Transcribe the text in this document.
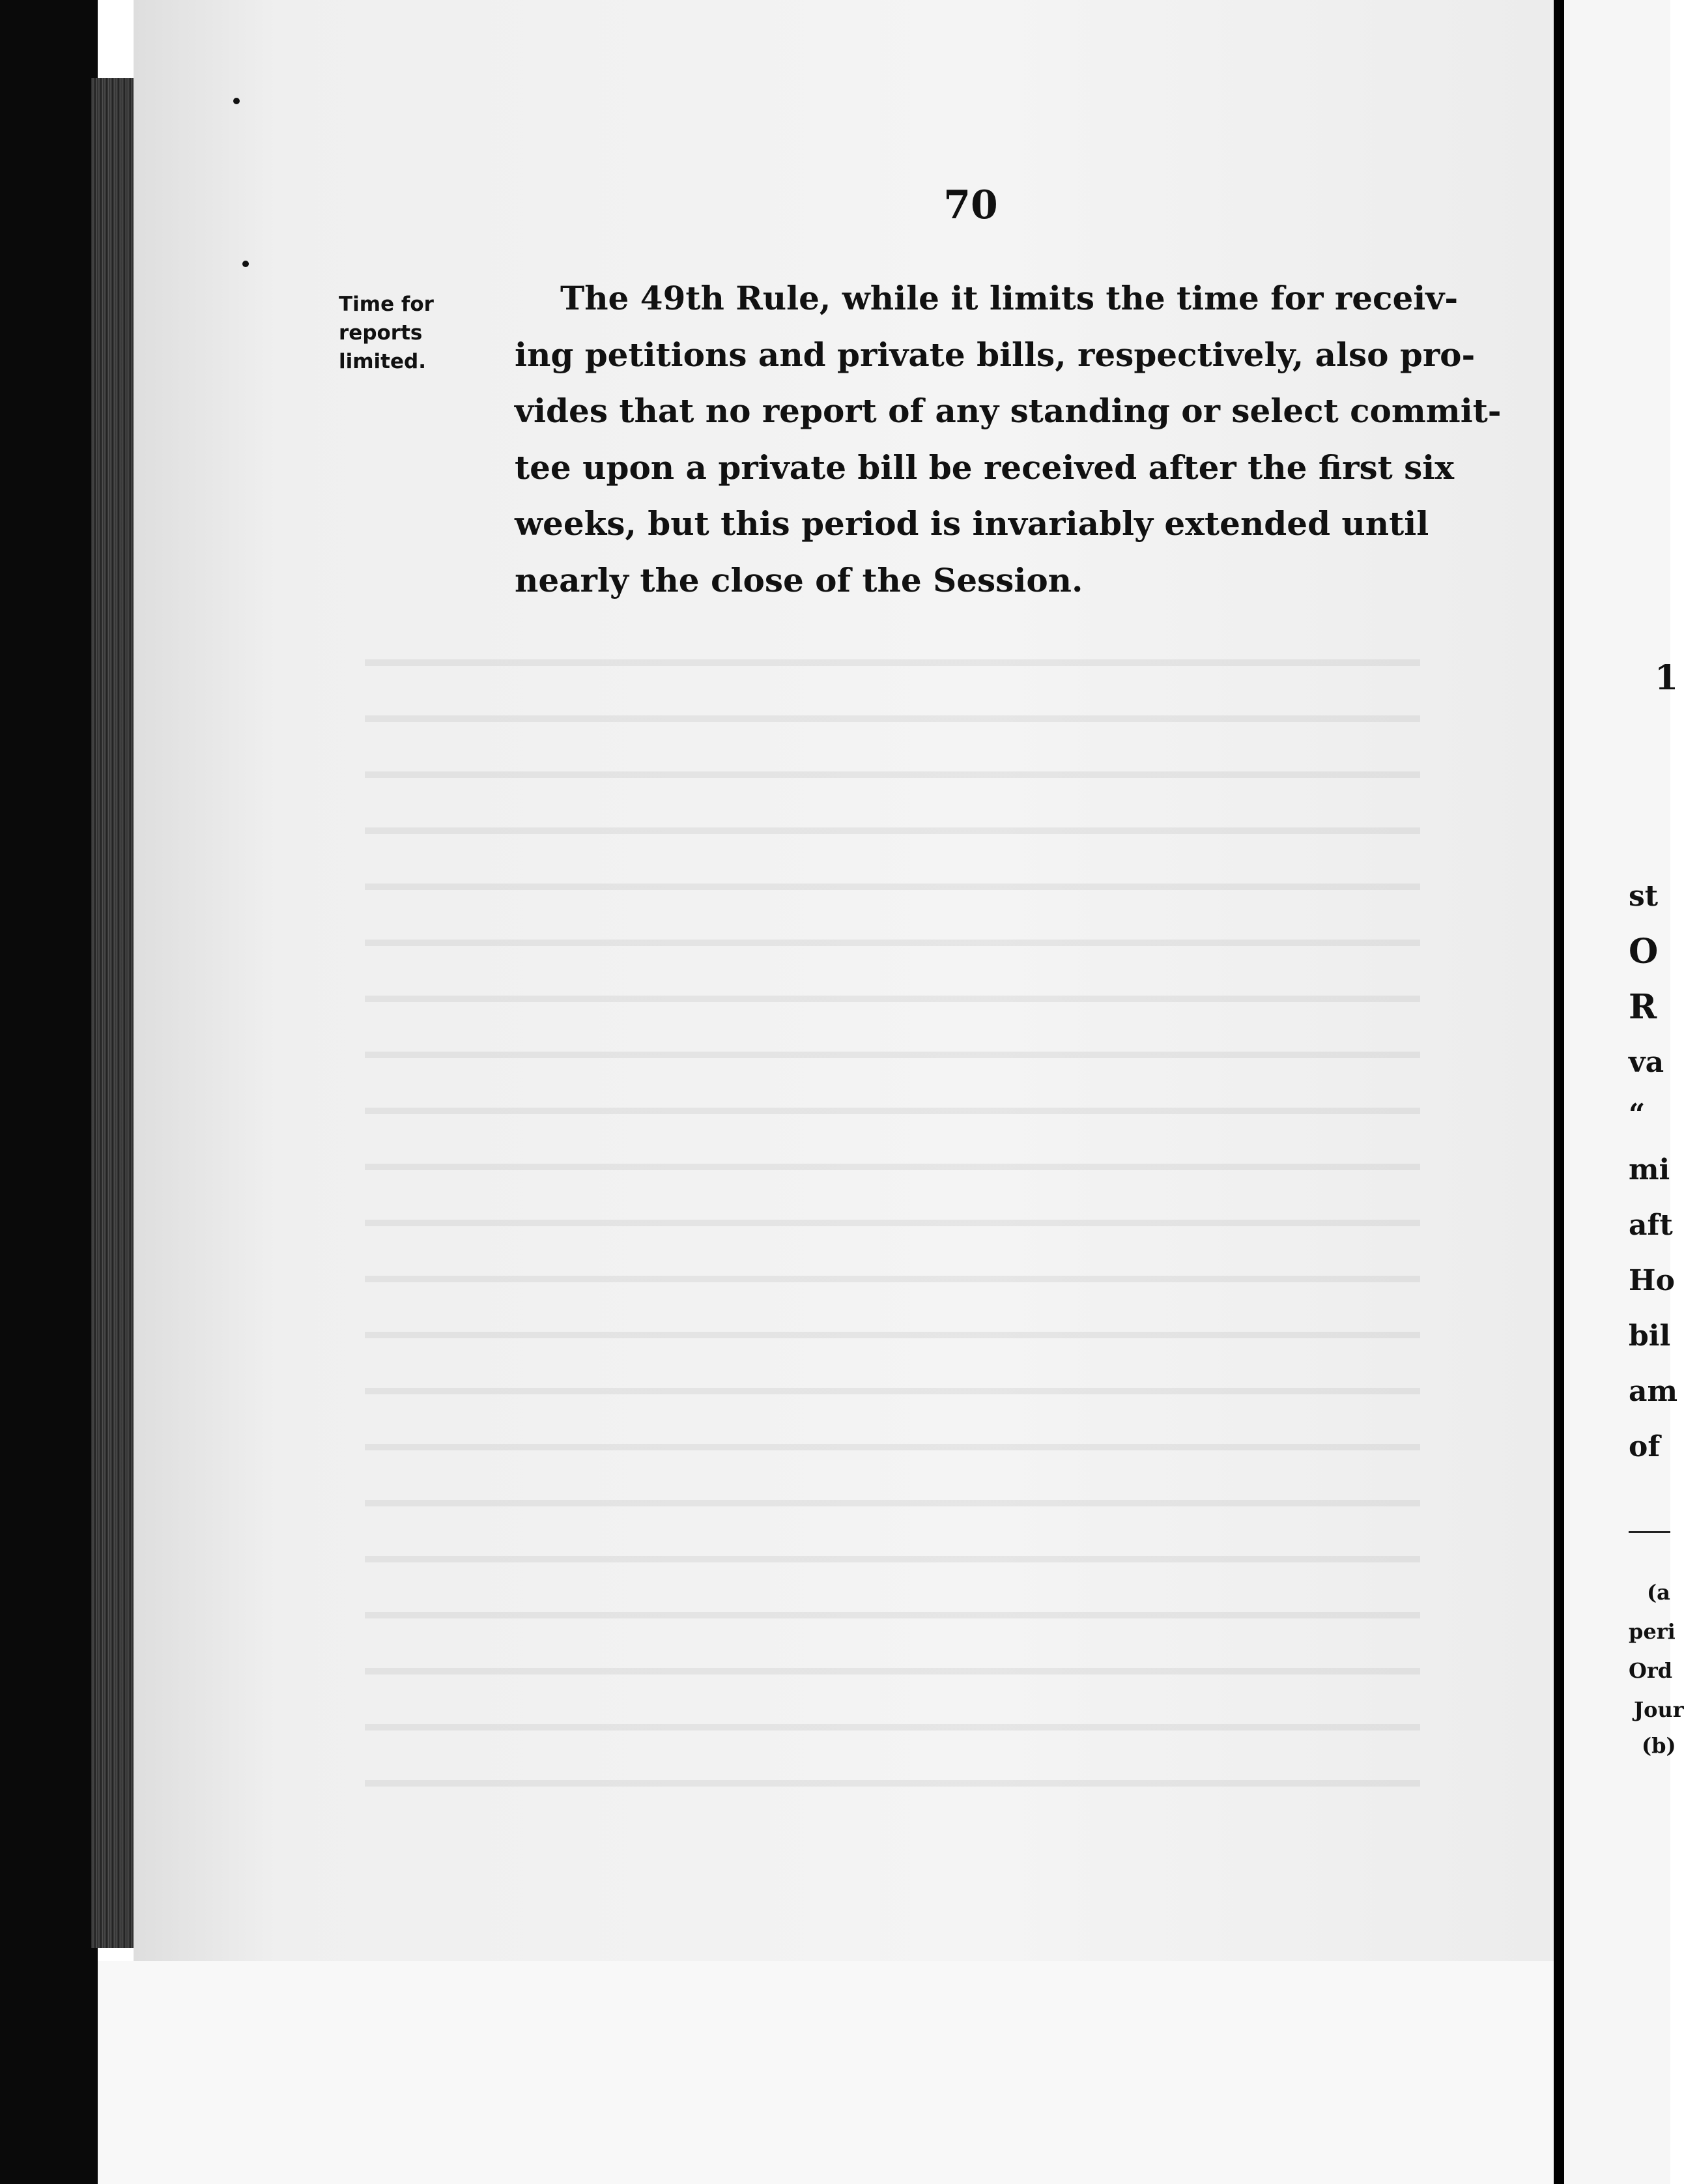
70
Time for
reports
limited.
The 49th Rule, while it limits the time for receiv-
ing petitions and private bills, respectively, also pro-
vides that no report of any standing or select commit-
tee upon a private bill be received after the first six
weeks, but this period is invariably extended until
nearly the close of the Session.
1
st
O
R
va
“
mi
aft
Ho
bil
am
of
(a
peri
Ord
Jour
(b)
